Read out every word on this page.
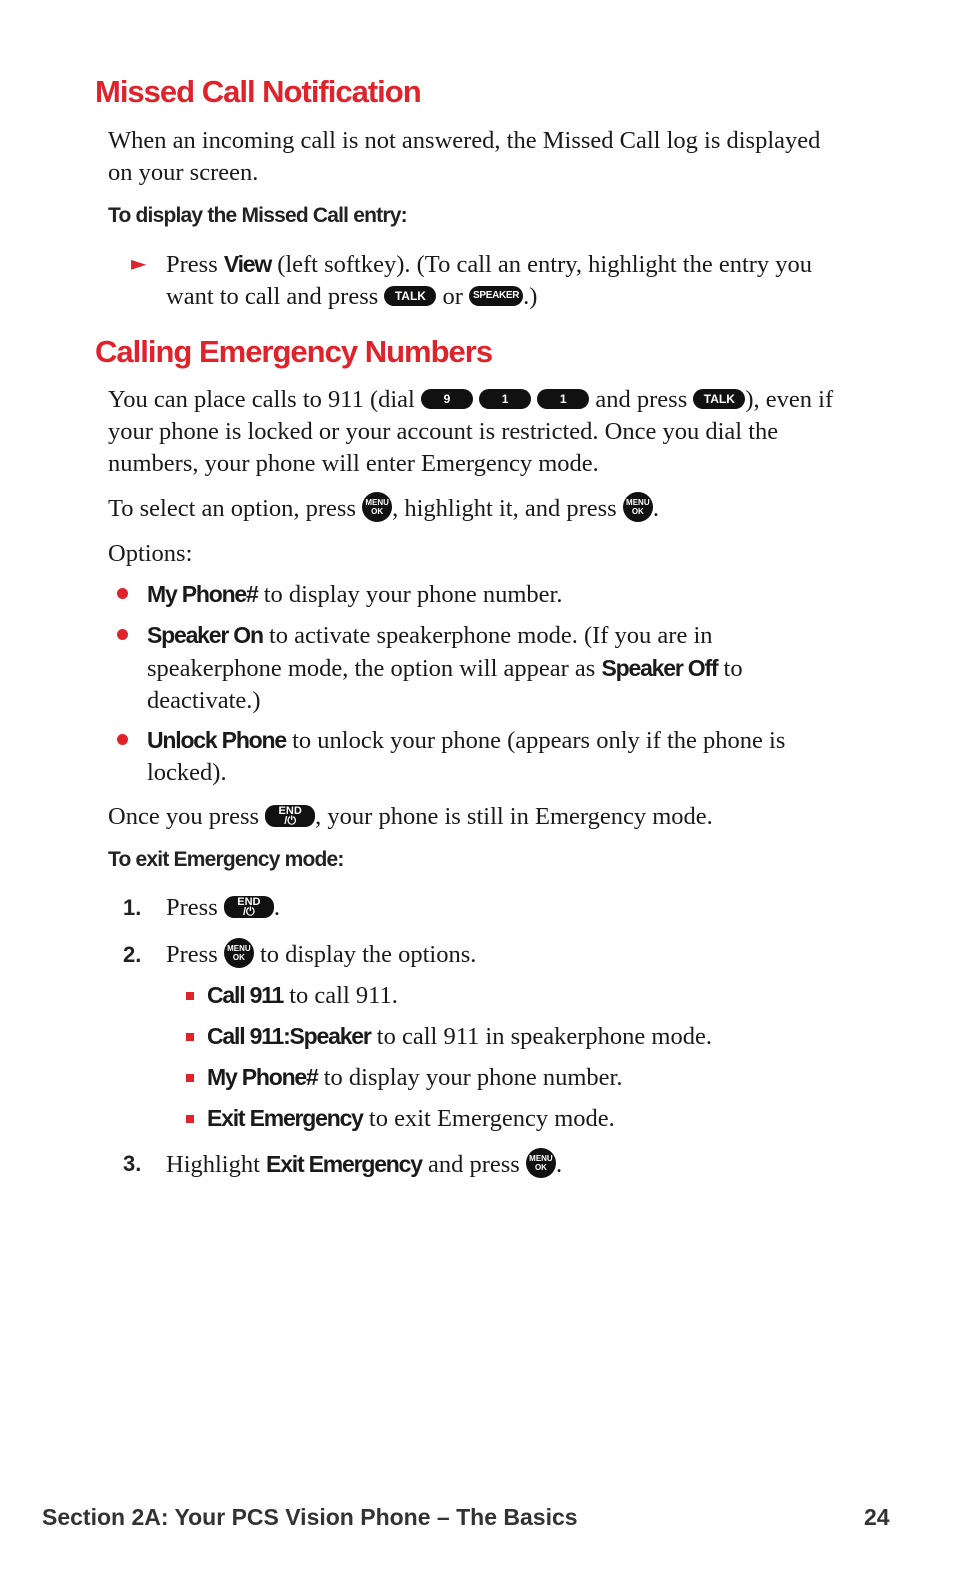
Missed Call Notification

When an incoming call is not answered, the Missed Call log is displayed on your screen.

To display the Missed Call entry:

► Press View (left softkey). (To call an entry, highlight the entry you want to call and press TALK or SPEAKER .)

Calling Emergency Numbers

You can place calls to 911 (dial 9	1	1 and press TALK ), even if your phone is locked or your account is restricted. Once you dial the numbers, your phone will enter Emergency mode.

To select an option, press MENU
OK , highlight it, and press MENU
OK .

Options:

My Phone# to display your phone number.

Speaker On to activate speakerphone mode. (If you are in speakerphone mode, the option will appear as Speaker Off to deactivate.)

Unlock Phone to unlock your phone (appears only if the phone is locked).

Once you press END
/⏻ , your phone is still in Emergency mode.

To exit Emergency mode:

1. Press END
/⏻ .

2. Press MENU
OK to display the options.

Call 911 to call 911.

Call 911:Speaker to call 911 in speakerphone mode.

My Phone# to display your phone number.

Exit Emergency to exit Emergency mode.

3. Highlight Exit Emergency and press MENU
OK .

Section 2A: Your PCS Vision Phone – The Basics	24
